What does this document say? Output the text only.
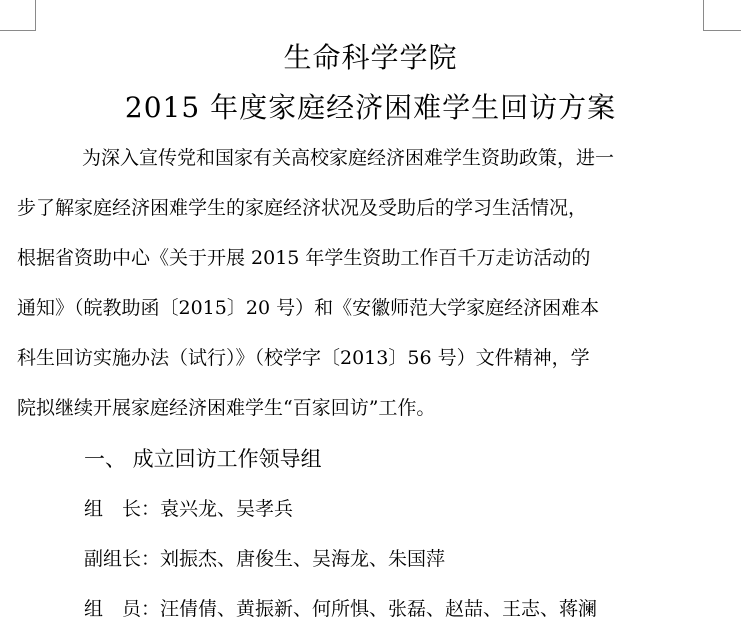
生命科学学院
2015 年度家庭经济困难学生回访方案
为深入宣传党和国家有关高校家庭经济困难学生资助政策，进一
步了解家庭经济困难学生的家庭经济状况及受助后的学习生活情况，
根据省资助中心《关于开展 2015 年学生资助工作百千万走访活动的
通知》（皖教助函〔2015〕20 号）和《安徽师范大学家庭经济困难本
科生回访实施办法（试行）》（校学字〔2013〕56 号）文件精神，学
院拟继续开展家庭经济困难学生“百家回访”工作。
一、 成立回访工作领导组
组　长：袁兴龙、吴孝兵
副组长：刘振杰、唐俊生、吴海龙、朱国萍
组　员：汪倩倩、黄振新、何所惧、张磊、赵喆、王志、蒋澜
